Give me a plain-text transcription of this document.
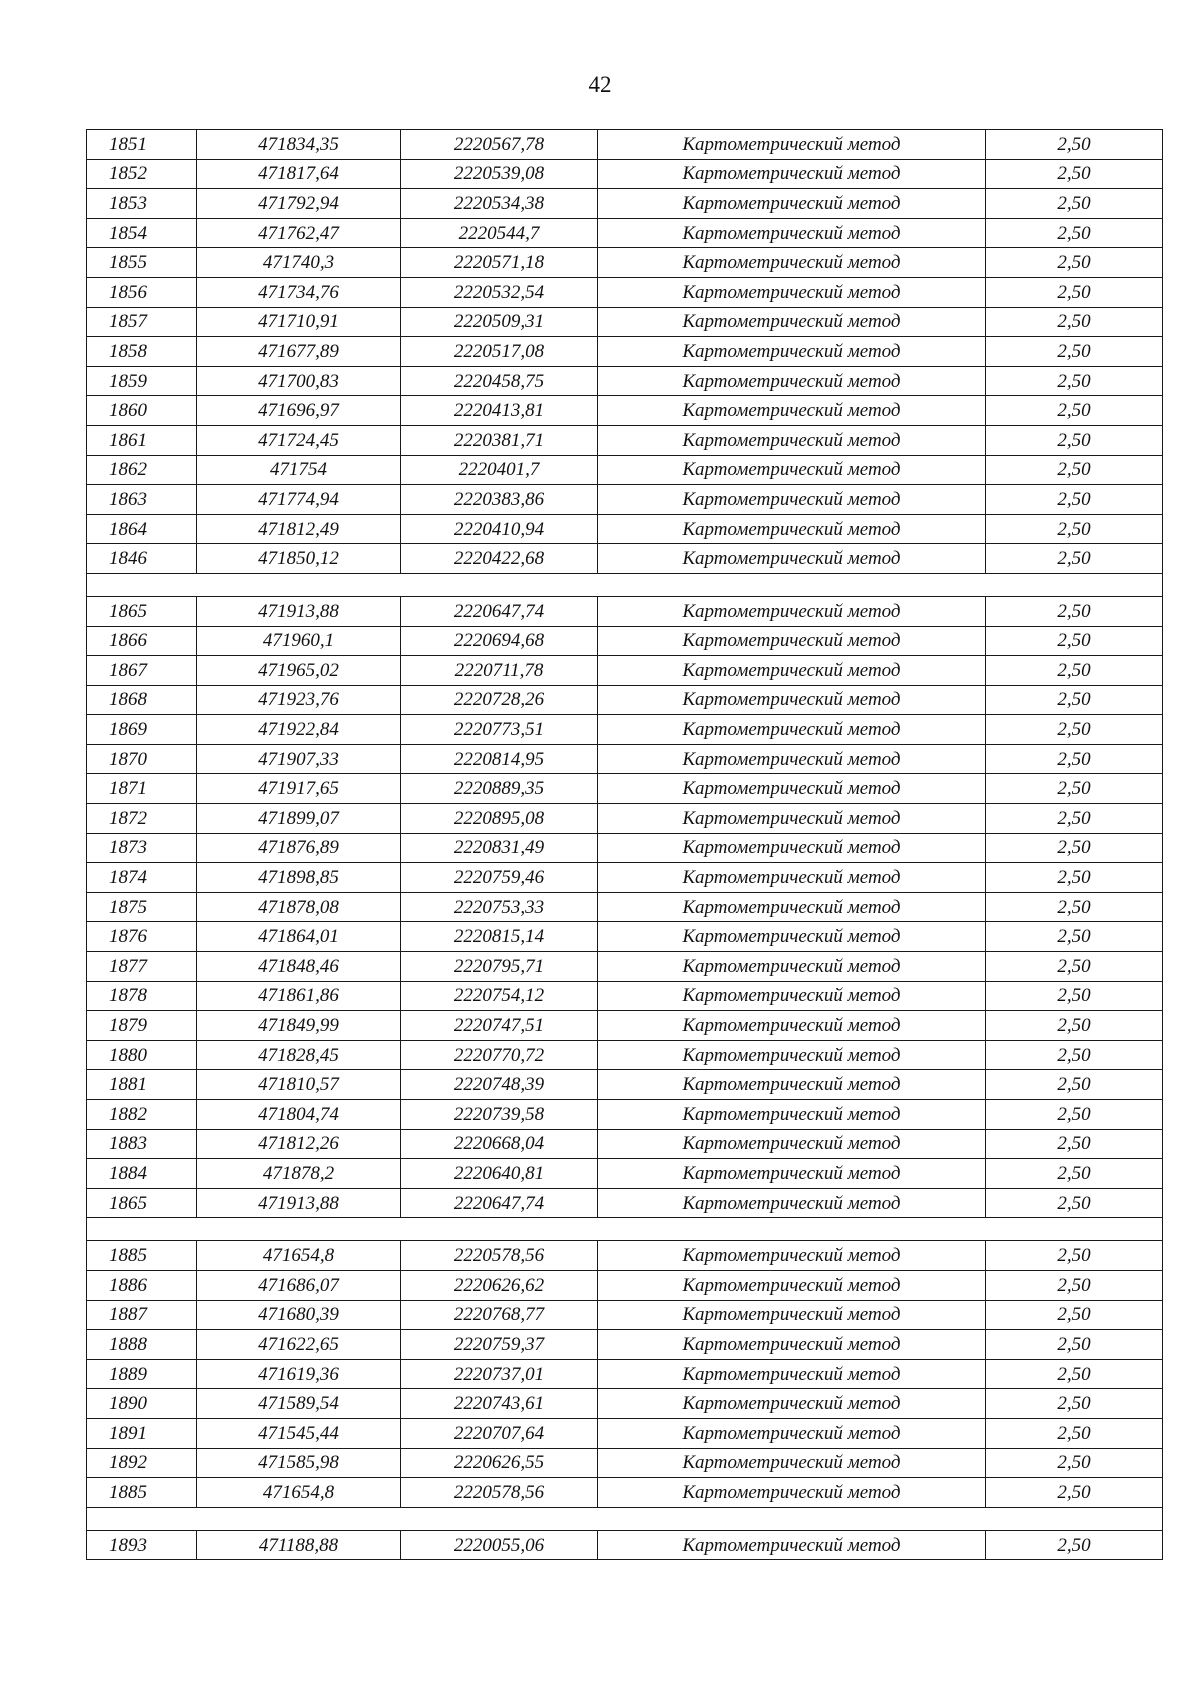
42
1851	471834,35	2220567,78	Картометрический метод	2,50
1852	471817,64	2220539,08	Картометрический метод	2,50
1853	471792,94	2220534,38	Картометрический метод	2,50
1854	471762,47	2220544,7	Картометрический метод	2,50
1855	471740,3	2220571,18	Картометрический метод	2,50
1856	471734,76	2220532,54	Картометрический метод	2,50
1857	471710,91	2220509,31	Картометрический метод	2,50
1858	471677,89	2220517,08	Картометрический метод	2,50
1859	471700,83	2220458,75	Картометрический метод	2,50
1860	471696,97	2220413,81	Картометрический метод	2,50
1861	471724,45	2220381,71	Картометрический метод	2,50
1862	471754	2220401,7	Картометрический метод	2,50
1863	471774,94	2220383,86	Картометрический метод	2,50
1864	471812,49	2220410,94	Картометрический метод	2,50
1846	471850,12	2220422,68	Картометрический метод	2,50

1865	471913,88	2220647,74	Картометрический метод	2,50
1866	471960,1	2220694,68	Картометрический метод	2,50
1867	471965,02	2220711,78	Картометрический метод	2,50
1868	471923,76	2220728,26	Картометрический метод	2,50
1869	471922,84	2220773,51	Картометрический метод	2,50
1870	471907,33	2220814,95	Картометрический метод	2,50
1871	471917,65	2220889,35	Картометрический метод	2,50
1872	471899,07	2220895,08	Картометрический метод	2,50
1873	471876,89	2220831,49	Картометрический метод	2,50
1874	471898,85	2220759,46	Картометрический метод	2,50
1875	471878,08	2220753,33	Картометрический метод	2,50
1876	471864,01	2220815,14	Картометрический метод	2,50
1877	471848,46	2220795,71	Картометрический метод	2,50
1878	471861,86	2220754,12	Картометрический метод	2,50
1879	471849,99	2220747,51	Картометрический метод	2,50
1880	471828,45	2220770,72	Картометрический метод	2,50
1881	471810,57	2220748,39	Картометрический метод	2,50
1882	471804,74	2220739,58	Картометрический метод	2,50
1883	471812,26	2220668,04	Картометрический метод	2,50
1884	471878,2	2220640,81	Картометрический метод	2,50
1865	471913,88	2220647,74	Картометрический метод	2,50

1885	471654,8	2220578,56	Картометрический метод	2,50
1886	471686,07	2220626,62	Картометрический метод	2,50
1887	471680,39	2220768,77	Картометрический метод	2,50
1888	471622,65	2220759,37	Картометрический метод	2,50
1889	471619,36	2220737,01	Картометрический метод	2,50
1890	471589,54	2220743,61	Картометрический метод	2,50
1891	471545,44	2220707,64	Картометрический метод	2,50
1892	471585,98	2220626,55	Картометрический метод	2,50
1885	471654,8	2220578,56	Картометрический метод	2,50

1893	471188,88	2220055,06	Картометрический метод	2,50
